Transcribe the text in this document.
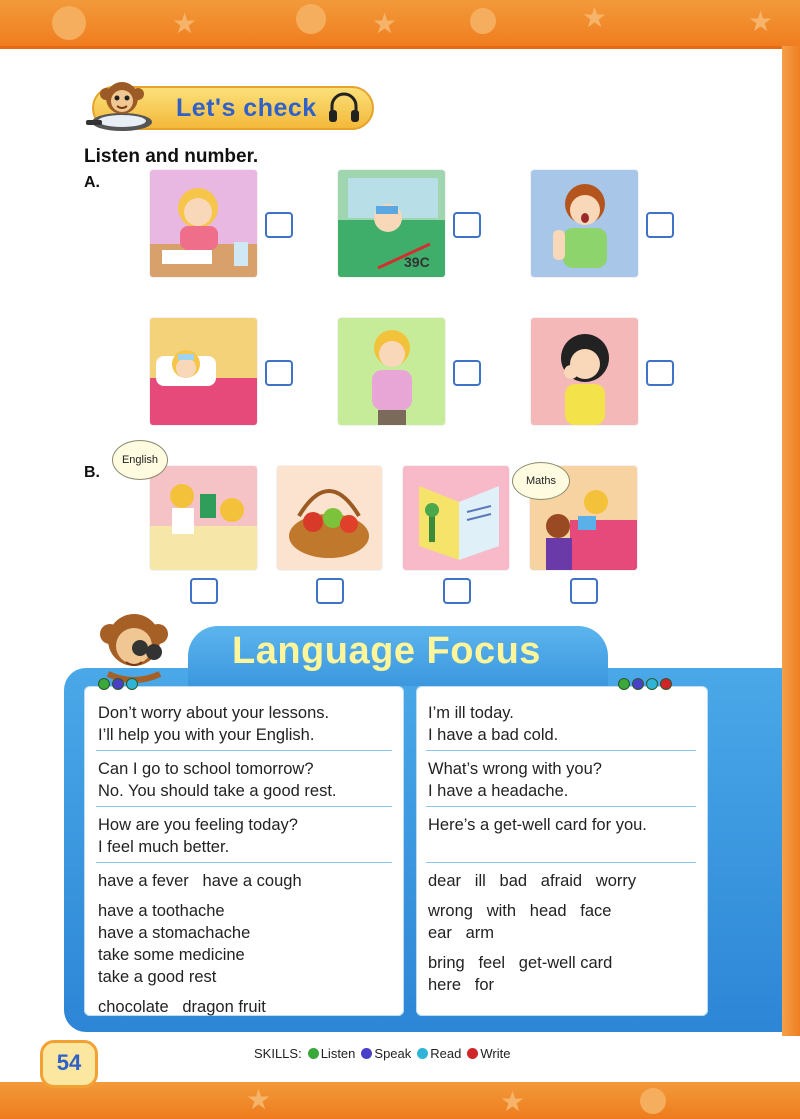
★	★	★	★
★	★
Let's check
Listen and number.
A.
39C
B.
English
Maths
Language Focus
Don’t worry about your lessons.
I’ll help you with your English.
Can I go to school tomorrow?
No. You should take a good rest.
How are you feeling today?
I feel much better.
have a fever   have a cough
have a toothache
have a stomachache
take some medicine
take a good rest
chocolate   dragon fruit
I’m ill today.
I have a bad cold.
What’s wrong with you?
I have a headache.
Here’s a get-well card for you.
dear   ill   bad   afraid   worry
wrong   with   head   face
ear   arm
bring   feel   get-well card
here   for
54	SKILLS: Listen Speak Read Write
